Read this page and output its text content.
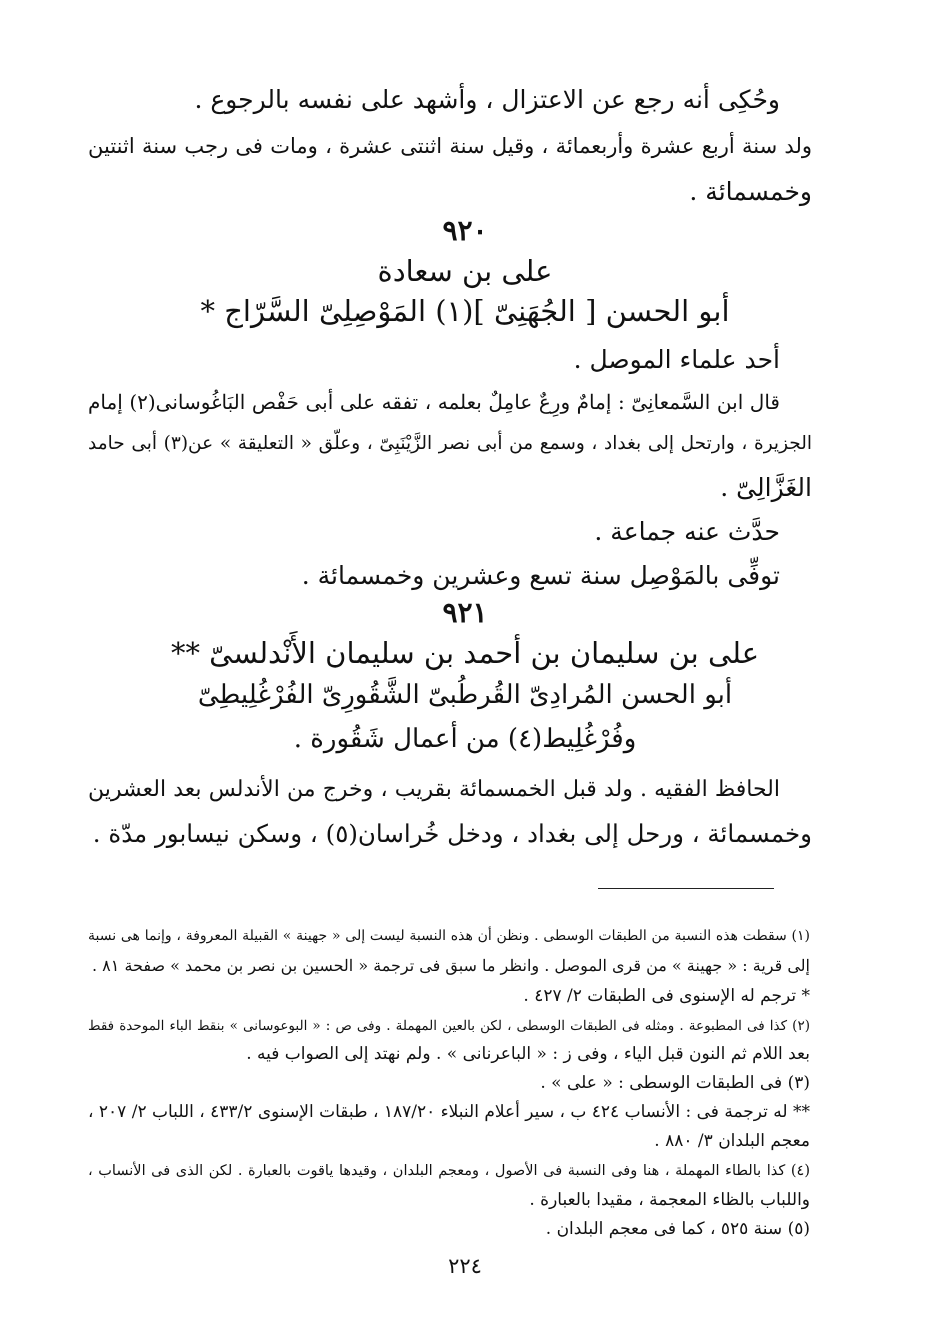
وحُكِى أنه رجع عن الاعتزال ، وأشهد على نفسه بالرجوع .
ولد سنة أربع عشرة وأربعمائة ، وقيل سنة اثنتى عشرة ، ومات فى رجب سنة اثنتين
وخمسمائة .
٩٢٠
على بن سعادة
أبو الحسن [ الجُهَنِىّ ](١) المَوْصِلِىّ السَّرّاج *
أحد علماء الموصل .
قال ابن السَّمعانِىّ : إمامٌ ورِعٌ عامِلٌ بعلمه ، تفقه على أبى حَفْص البَاغُوسانى(٢) إمام
الجزيرة ، وارتحل إلى بغداد ، وسمع من أبى نصر الزَّيْنَبِىّ ، وعلّق « التعليقة » عن(٣) أبى حامد
الغَزَّالِىّ .
حدَّث عنه جماعة .
توفِّى بالمَوْصِل سنة تسع وعشرين وخمسمائة .
٩٢١
على بن سليمان بن أحمد بن سليمان الأَنْدلسىّ **
أبو الحسن المُرادِىّ القُرطُبىّ الشَّقُورِىّ الفُرْغُلِيطِىّ
وفُرْغُلِيط(٤) من أعمال شَقُورة .
الحافظ الفقيه . ولد قبل الخمسمائة بقريب ، وخرج من الأندلس بعد العشرين
وخمسمائة ، ورحل إلى بغداد ، ودخل خُراسان(٥) ، وسكن نيسابور مدّة .
(١) سقطت هذه النسبة من الطبقات الوسطى . ونظن أن هذه النسبة ليست إلى « جهينة » القبيلة المعروفة ، وإنما هى نسبة
إلى قرية : « جهينة » من قرى الموصل . وانظر ما سبق فى ترجمة « الحسين بن نصر بن محمد » صفحة ٨١ .
* ترجم له الإسنوى فى الطبقات ٢/ ٤٢٧ .
(٢) كذا فى المطبوعة . ومثله فى الطبقات الوسطى ، لكن بالعين المهملة . وفى ص : « البوعوسانى » بنقط الباء الموحدة فقط
بعد اللام ثم النون قبل الياء ، وفى ز : « الباعرنانى » . ولم نهتد إلى الصواب فيه .
(٣) فى الطبقات الوسطى : « على » .
** له ترجمة فى : الأنساب ٤٢٤ ب ، سير أعلام النبلاء ١٨٧/٢٠ ، طبقات الإسنوى ٤٣٣/٢ ، اللباب ٢/ ٢٠٧ ،
معجم البلدان ٣/ ٨٨٠ .
(٤) كذا بالطاء المهملة ، هنا وفى النسبة فى الأصول ، ومعجم البلدان ، وقيدها ياقوت بالعبارة . لكن الذى فى الأنساب ،
واللباب بالظاء المعجمة ، مقيدا بالعبارة .
(٥) سنة ٥٢٥ ، كما فى معجم البلدان .
٢٢٤
